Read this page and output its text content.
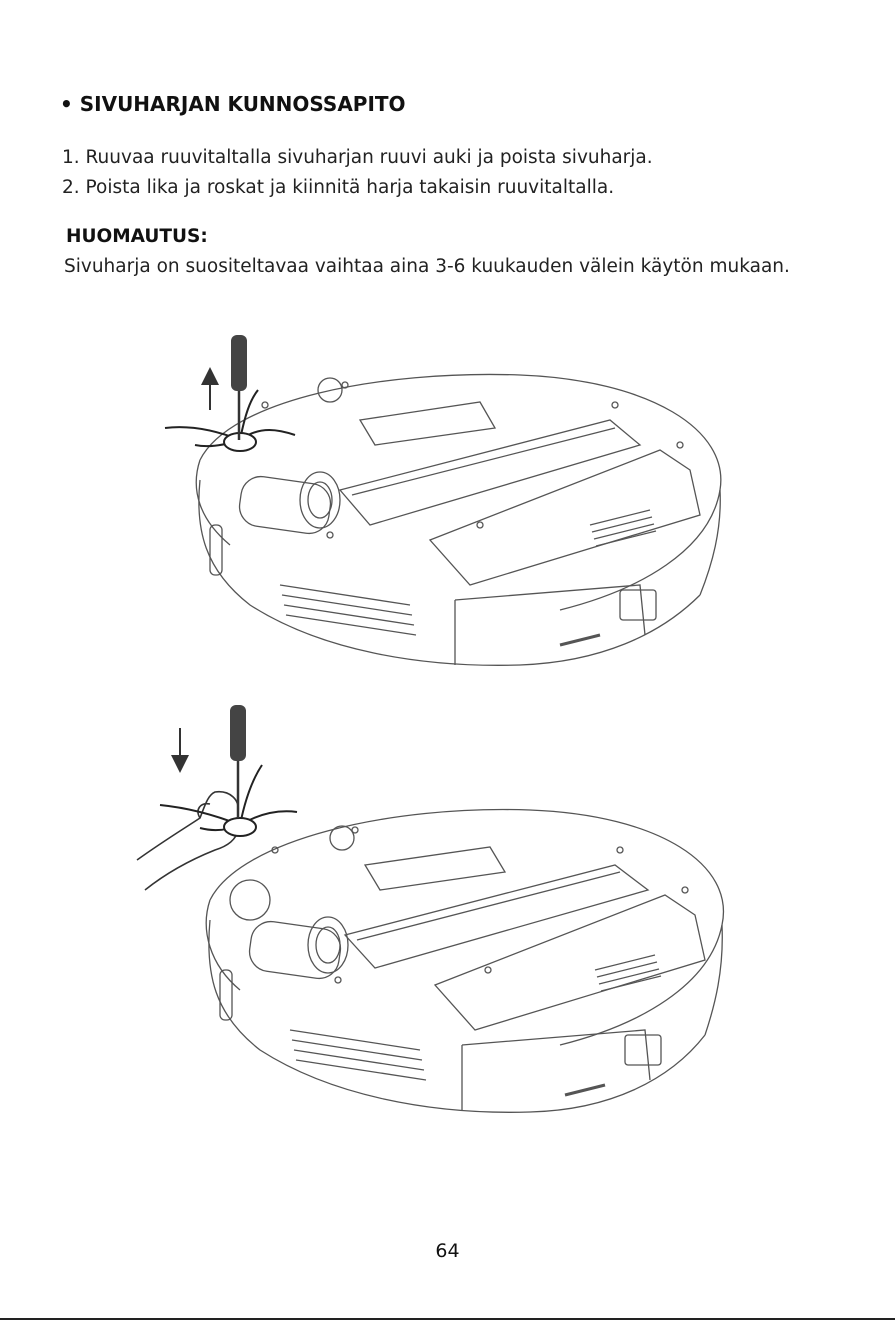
• SIVUHARJAN KUNNOSSAPITO
1. Ruuvaa ruuvitaltalla sivuharjan ruuvi auki ja poista sivuharja.
2. Poista lika ja roskat ja kiinnitä harja takaisin ruuvitaltalla.
HUOMAUTUS:

Sivuharja on suositeltavaa vaihtaa aina 3-6 kuukauden välein käytön mukaan.

64
